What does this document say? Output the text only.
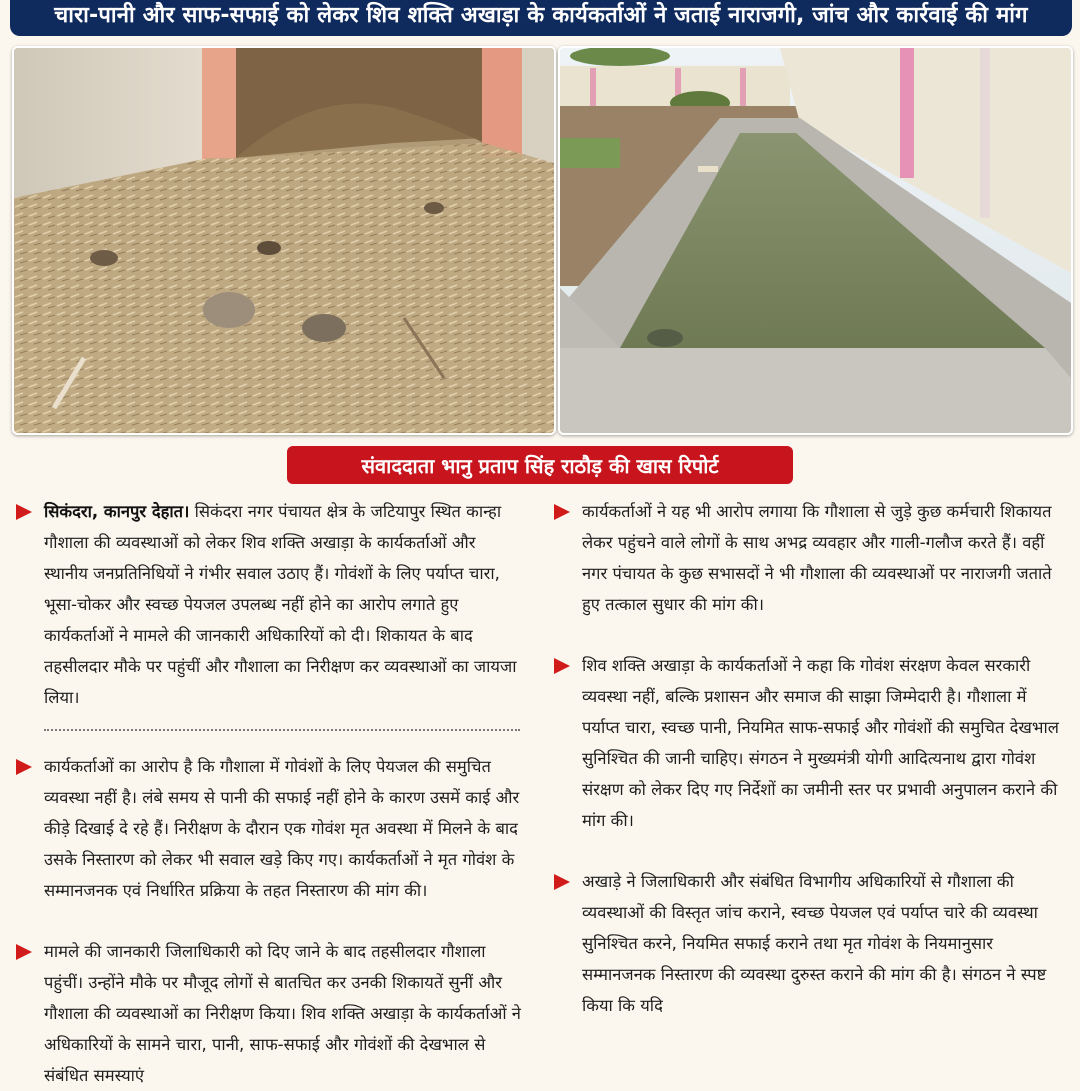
चारा-पानी और साफ-सफाई को लेकर शिव शक्ति अखाड़ा के कार्यकर्ताओं ने जताई नाराजगी, जांच और कार्रवाई की मांग
संवाददाता भानु प्रताप सिंह राठौड़ की खास रिपोर्ट
सिकंदरा, कानपुर देहात। सिकंदरा नगर पंचायत क्षेत्र के जटियापुर स्थित कान्हा गौशाला की व्यवस्थाओं को लेकर शिव शक्ति अखाड़ा के कार्यकर्ताओं और स्थानीय जनप्रतिनिधियों ने गंभीर सवाल उठाए हैं। गोवंशों के लिए पर्याप्त चारा, भूसा-चोकर और स्वच्छ पेयजल उपलब्ध नहीं होने का आरोप लगाते हुए कार्यकर्ताओं ने मामले की जानकारी अधिकारियों को दी। शिकायत के बाद तहसीलदार मौके पर पहुंचीं और गौशाला का निरीक्षण कर व्यवस्थाओं का जायजा लिया।
कार्यकर्ताओं का आरोप है कि गौशाला में गोवंशों के लिए पेयजल की समुचित व्यवस्था नहीं है। लंबे समय से पानी की सफाई नहीं होने के कारण उसमें काई और कीड़े दिखाई दे रहे हैं। निरीक्षण के दौरान एक गोवंश मृत अवस्था में मिलने के बाद उसके निस्तारण को लेकर भी सवाल खड़े किए गए। कार्यकर्ताओं ने मृत गोवंश के सम्मानजनक एवं निर्धारित प्रक्रिया के तहत निस्तारण की मांग की।
मामले की जानकारी जिलाधिकारी को दिए जाने के बाद तहसीलदार गौशाला पहुंचीं। उन्होंने मौके पर मौजूद लोगों से बातचित कर उनकी शिकायतें सुनीं और गौशाला की व्यवस्थाओं का निरीक्षण किया। शिव शक्ति अखाड़ा के कार्यकर्ताओं ने अधिकारियों के सामने चारा, पानी, साफ-सफाई और गोवंशों की देखभाल से संबंधित समस्याएं
कार्यकर्ताओं ने यह भी आरोप लगाया कि गौशाला से जुड़े कुछ कर्मचारी शिकायत लेकर पहुंचने वाले लोगों के साथ अभद्र व्यवहार और गाली-गलौज करते हैं। वहीं नगर पंचायत के कुछ सभासदों ने भी गौशाला की व्यवस्थाओं पर नाराजगी जताते हुए तत्काल सुधार की मांग की।
शिव शक्ति अखाड़ा के कार्यकर्ताओं ने कहा कि गोवंश संरक्षण केवल सरकारी व्यवस्था नहीं, बल्कि प्रशासन और समाज की साझा जिम्मेदारी है। गौशाला में पर्याप्त चारा, स्वच्छ पानी, नियमित साफ-सफाई और गोवंशों की समुचित देखभाल सुनिश्चित की जानी चाहिए। संगठन ने मुख्यमंत्री योगी आदित्यनाथ द्वारा गोवंश संरक्षण को लेकर दिए गए निर्देशों का जमीनी स्तर पर प्रभावी अनुपालन कराने की मांग की।
अखाड़े ने जिलाधिकारी और संबंधित विभागीय अधिकारियों से गौशाला की व्यवस्थाओं की विस्तृत जांच कराने, स्वच्छ पेयजल एवं पर्याप्त चारे की व्यवस्था सुनिश्चित करने, नियमित सफाई कराने तथा मृत गोवंश के नियमानुसार सम्मानजनक निस्तारण की व्यवस्था दुरुस्त कराने की मांग की है। संगठन ने स्पष्ट किया कि यदि
